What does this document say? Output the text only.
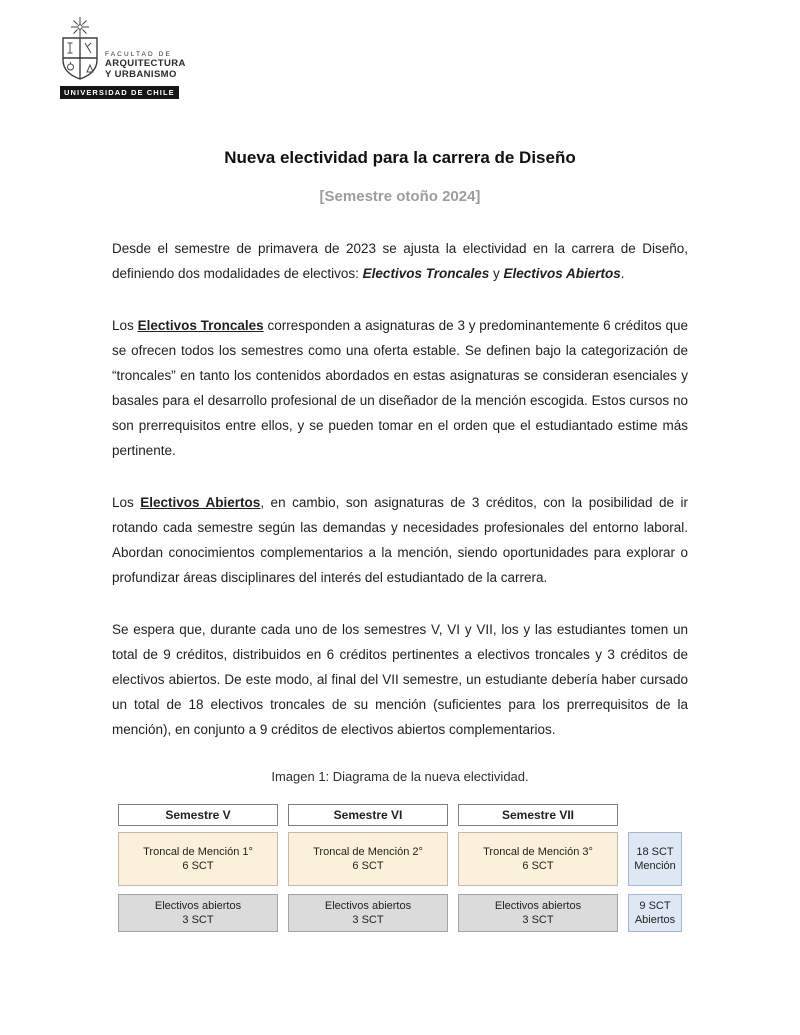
FACULTAD DE
ARQUITECTURA
Y URBANISMO
UNIVERSIDAD DE CHILE
Nueva electividad para la carrera de Diseño
[Semestre otoño 2024]

Desde el semestre de primavera de 2023 se ajusta la electividad en la carrera de Diseño, definiendo dos modalidades de electivos: Electivos Troncales y Electivos Abiertos.

Los Electivos Troncales corresponden a asignaturas de 3 y predominantemente 6 créditos que se ofrecen todos los semestres como una oferta estable. Se definen bajo la categorización de “troncales” en tanto los contenidos abordados en estas asignaturas se consideran esenciales y basales para el desarrollo profesional de un diseñador de la mención escogida. Estos cursos no son prerrequisitos entre ellos, y se pueden tomar en el orden que el estudiantado estime más pertinente.

Los Electivos Abiertos, en cambio, son asignaturas de 3 créditos, con la posibilidad de ir rotando cada semestre según las demandas y necesidades profesionales del entorno laboral. Abordan conocimientos complementarios a la mención, siendo oportunidades para explorar o profundizar áreas disciplinares del interés del estudiantado de la carrera.

Se espera que, durante cada uno de los semestres V, VI y VII, los y las estudiantes tomen un total de 9 créditos, distribuidos en 6 créditos pertinentes a electivos troncales y 3 créditos de electivos abiertos. De este modo, al final del VII semestre, un estudiante debería haber cursado un total de 18 electivos troncales de su mención (suficientes para los prerrequisitos de la mención), en conjunto a 9 créditos de electivos abiertos complementarios.

Imagen 1: Diagrama de la nueva electividad.
Semestre V	Semestre VI	Semestre VII
Troncal de Mención 1°
6 SCT
Troncal de Mención 2°
6 SCT
Troncal de Mención 3°
6 SCT
18 SCT
Mención
Electivos abiertos
3 SCT
Electivos abiertos
3 SCT
Electivos abiertos
3 SCT
9 SCT
Abiertos
